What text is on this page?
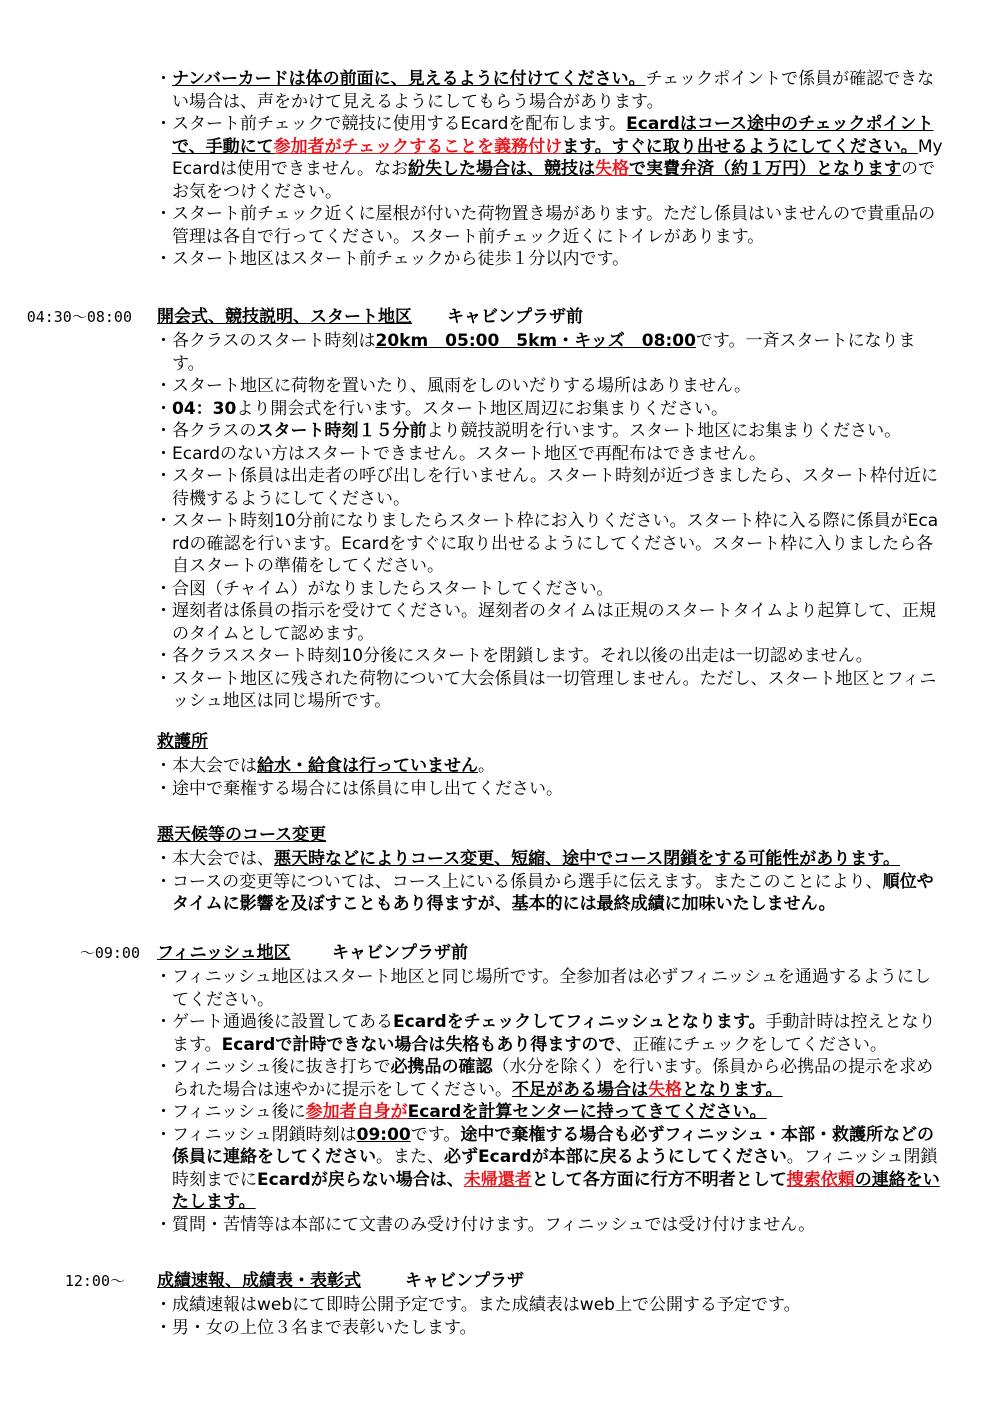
・ ナンバーカードは体の前面に、見えるように付けてください。チェックポイントで係員が確認できない場合は、声をかけて見えるようにしてもらう場合があります。
・ スタート前チェックで競技に使用するEcardを配布します。Ecardはコース途中のチェックポイントで、手動にて参加者がチェックすることを義務付けます。すぐに取り出せるようにしてください。MyEcardは使用できません。なお紛失した場合は、競技は失格で実費弁済（約１万円）となりますのでお気をつけください。
・ スタート前チェック近くに屋根が付いた荷物置き場があります。ただし係員はいませんので貴重品の管理は各自で行ってください。スタート前チェック近くにトイレがあります。
・ スタート地区はスタート前チェックから徒歩１分以内です。
04:30～08:00 開会式、競技説明、スタート地区 キャビンプラザ前
・ 各クラスのスタート時刻は20km　05:00　5km・キッズ　08:00です。一斉スタートになります。
・ スタート地区に荷物を置いたり、風雨をしのいだりする場所はありません。
・ 04：30より開会式を行います。スタート地区周辺にお集まりください。
・ 各クラスのスタート時刻１５分前より競技説明を行います。スタート地区にお集まりください。
・ Ecardのない方はスタートできません。スタート地区で再配布はできません。
・ スタート係員は出走者の呼び出しを行いません。スタート時刻が近づきましたら、スタート枠付近に待機するようにしてください。
・ スタート時刻10分前になりましたらスタート枠にお入りください。スタート枠に入る際に係員がEcardの確認を行います。Ecardをすぐに取り出せるようにしてください。スタート枠に入りましたら各自スタートの準備をしてください。
・ 合図（チャイム）がなりましたらスタートしてください。
・ 遅刻者は係員の指示を受けてください。遅刻者のタイムは正規のスタートタイムより起算して、正規のタイムとして認めます。
・ 各クラススタート時刻10分後にスタートを閉鎖します。それ以後の出走は一切認めません。
・ スタート地区に残された荷物について大会係員は一切管理しません。ただし、スタート地区とフィニッシュ地区は同じ場所です。
救護所
・ 本大会では給水・給食は行っていません。
・ 途中で棄権する場合には係員に申し出てください。
悪天候等のコース変更
・ 本大会では、悪天時などによりコース変更、短縮、途中でコース閉鎖をする可能性があります。
・ コースの変更等については、コース上にいる係員から選手に伝えます。またこのことにより、順位やタイムに影響を及ぼすこともあり得ますが、基本的には最終成績に加味いたしません。
～09:00 フィニッシュ地区 キャビンプラザ前
・ フィニッシュ地区はスタート地区と同じ場所です。全参加者は必ずフィニッシュを通過するようにしてください。
・ ゲート通過後に設置してあるEcardをチェックしてフィニッシュとなります。手動計時は控えとなります。Ecardで計時できない場合は失格もあり得ますので、正確にチェックをしてください。
・ フィニッシュ後に抜き打ちで必携品の確認（水分を除く）を行います。係員から必携品の提示を求められた場合は速やかに提示をしてください。不足がある場合は失格となります。
・ フィニッシュ後に参加者自身がEcardを計算センターに持ってきてください。
・ フィニッシュ閉鎖時刻は09:00です。途中で棄権する場合も必ずフィニッシュ・本部・救護所などの係員に連絡をしてください。また、必ずEcardが本部に戻るようにしてください。フィニッシュ閉鎖時刻までにEcardが戻らない場合は、未帰還者として各方面に行方不明者として捜索依頼の連絡をいたします。
・ 質問・苦情等は本部にて文書のみ受け付けます。フィニッシュでは受け付けません。
12:00～ 成績速報、成績表・表彰式	キャビンプラザ
・ 成績速報はwebにて即時公開予定です。また成績表はweb上で公開する予定です。
・ 男・女の上位３名まで表彰いたします。
